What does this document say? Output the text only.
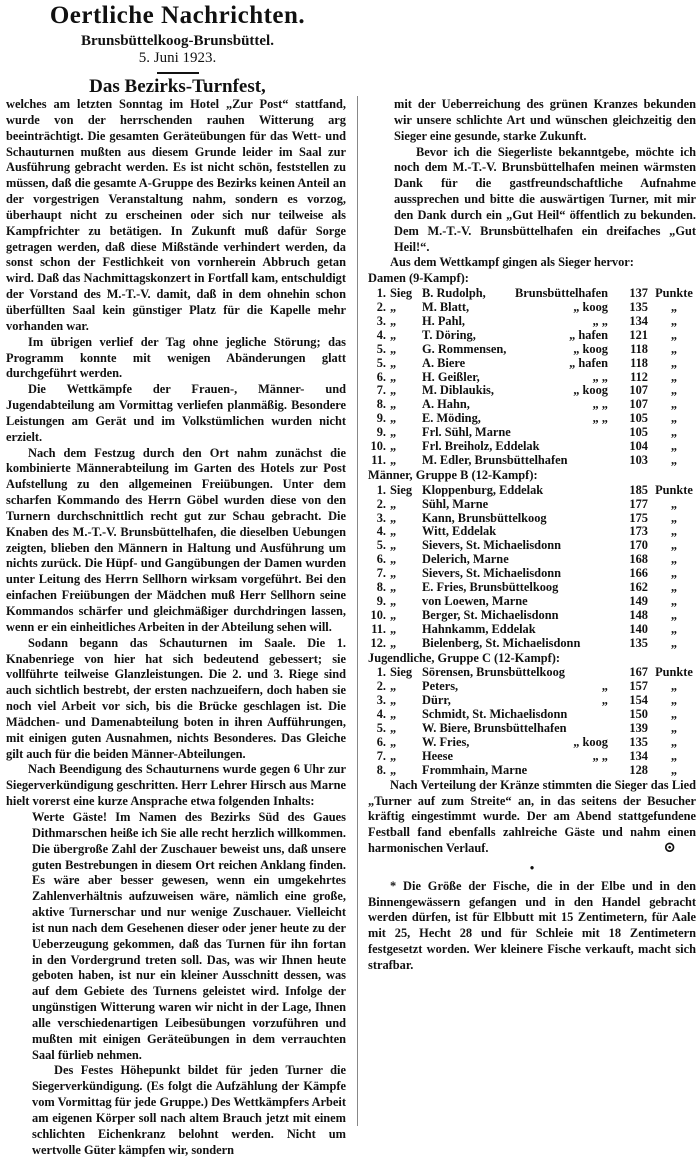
Oertliche Nachrichten.
Brunsbüttelkoog-Brunsbüttel.
5. Juni 1923.
Das Bezirks-Turnfest,

welches am letzten Sonntag im Hotel „Zur Post“ stattfand, wurde von der herrschenden rauhen Witterung arg beeinträchtigt. Die gesamten Geräteübungen für das Wett- und Schauturnen mußten aus diesem Grunde leider im Saal zur Ausführung gebracht werden. Es ist nicht schön, feststellen zu müssen, daß die gesamte A-Gruppe des Bezirks keinen Anteil an der vorgestrigen Veranstaltung nahm, sondern es vorzog, überhaupt nicht zu erscheinen oder sich nur teilweise als Kampfrichter zu betätigen. In Zukunft muß dafür Sorge getragen werden, daß diese Mißstände verhindert werden, da sonst schon der Festlichkeit von vornherein Abbruch getan wird. Daß das Nachmittagskonzert in Fortfall kam, entschuldigt der Vorstand des M.-T.-V. damit, daß in dem ohnehin schon überfüllten Saal kein günstiger Platz für die Kapelle mehr vorhanden war.

Im übrigen verlief der Tag ohne jegliche Störung; das Programm konnte mit wenigen Abänderungen glatt durchgeführt werden.

Die Wettkämpfe der Frauen-, Männer- und Jugendabteilung am Vormittag verliefen planmäßig. Besondere Leistungen am Gerät und im Volkstümlichen wurden nicht erzielt.

Nach dem Festzug durch den Ort nahm zunächst die kombinierte Männerabteilung im Garten des Hotels zur Post Aufstellung zu den allgemeinen Freiübungen. Unter dem scharfen Kommando des Herrn Göbel wurden diese von den Turnern durchschnittlich recht gut zur Schau gebracht. Die Knaben des M.-T.-V. Brunsbüttelhafen, die dieselben Uebungen zeigten, blieben den Männern in Haltung und Ausführung um nichts zurück. Die Hüpf- und Gangübungen der Damen wurden unter Leitung des Herrn Sellhorn wirksam vorgeführt. Bei den einfachen Freiübungen der Mädchen muß Herr Sellhorn seine Kommandos schärfer und gleichmäßiger durchdringen lassen, wenn er ein einheitliches Arbeiten in der Abteilung sehen will.

Sodann begann das Schauturnen im Saale. Die 1. Knabenriege von hier hat sich bedeutend gebessert; sie vollführte teilweise Glanzleistungen. Die 2. und 3. Riege sind auch sichtlich bestrebt, der ersten nachzueifern, doch haben sie noch viel Arbeit vor sich, bis die Brücke geschlagen ist. Die Mädchen- und Damenabteilung boten in ihren Aufführungen, mit einigen guten Ausnahmen, nichts Besonderes. Das Gleiche gilt auch für die beiden Männer-Abteilungen.

Nach Beendigung des Schauturnens wurde gegen 6 Uhr zur Siegerverkündigung geschritten. Herr Lehrer Hirsch aus Marne hielt vorerst eine kurze Ansprache etwa folgenden Inhalts:

Werte Gäste! Im Namen des Bezirks Süd des Gaues Dithmarschen heiße ich Sie alle recht herzlich willkommen. Die übergroße Zahl der Zuschauer beweist uns, daß unsere guten Bestrebungen in diesem Ort reichen Anklang finden. Es wäre aber besser gewesen, wenn ein umgekehrtes Zahlenverhältnis aufzuweisen wäre, nämlich eine große, aktive Turnerschar und nur wenige Zuschauer. Vielleicht ist nun nach dem Gesehenen dieser oder jener heute zu der Ueberzeugung gekommen, daß das Turnen für ihn fortan in den Vordergrund treten soll. Das, was wir Ihnen heute geboten haben, ist nur ein kleiner Ausschnitt dessen, was auf dem Gebiete des Turnens geleistet wird. Infolge der ungünstigen Witterung waren wir nicht in der Lage, Ihnen alle verschiedenartigen Leibesübungen vorzuführen und mußten mit einigen Geräteübungen in dem verrauchten Saal fürlieb nehmen.

Des Festes Höhepunkt bildet für jeden Turner die Siegerverkündigung. (Es folgt die Aufzählung der Kämpfe vom Vormittag für jede Gruppe.) Des Wettkämpfers Arbeit am eigenen Körper soll nach altem Brauch jetzt mit einem schlichten Eichenkranz belohnt werden. Nicht um wertvolle Güter kämpfen wir, sondern

mit der Ueberreichung des grünen Kranzes bekunden wir unsere schlichte Art und wünschen gleichzeitig den Sieger eine gesunde, starke Zukunft.

Bevor ich die Siegerliste bekanntgebe, möchte ich noch dem M.-T.-V. Brunsbüttelhafen meinen wärmsten Dank für die gastfreundschaftliche Aufnahme aussprechen und bitte die auswärtigen Turner, mit mir den Dank durch ein „Gut Heil“ öffentlich zu bekunden. Dem M.-T.-V. Brunsbüttelhafen ein dreifaches „Gut Heil!“.

Aus dem Wettkampf gingen als Sieger hervor:

Damen (9-Kampf):
1. Sieg B. Rudolph, Brunsbüttelhafen	137 Punkte
2. „	M. Blatt,	„ koog	135	„
3. „	H. Pahl,	„ „	134	„
4. „	T. Döring,	„ hafen	121	„
5. „	G. Rommensen,	„ koog	118	„
5. „	A. Biere	„ hafen	118	„
6. „	H. Geißler,	„ „	112	„
7. „	M. Diblaukis,	„ koog	107	„
8. „	A. Hahn,	„ „	107	„
9. „	E. Möding,	„ „	105	„
9. „	Frl. Sühl, Marne	105	„
10. „	Frl. Breiholz, Eddelak	104	„
11. „	M. Edler, Brunsbüttelhafen	103	„
Männer, Gruppe B (12-Kampf):
1. Sieg Kloppenburg, Eddelak	185 Punkte
2. „	Sühl, Marne	177	„
3. „	Kann, Brunsbüttelkoog	175	„
4. „	Witt, Eddelak	173	„
5. „	Sievers, St. Michaelisdonn	170	„
6. „	Delerich, Marne	168	„
7. „	Sievers, St. Michaelisdonn	166	„
8. „	E. Fries, Brunsbüttelkoog	162	„
9. „	von Loewen, Marne	149	„
10. „	Berger, St. Michaelisdonn	148	„
11. „	Hahnkamm, Eddelak	140	„
12. „	Bielenberg, St. Michaelisdonn	135	„
Jugendliche, Gruppe C (12-Kampf):
1. Sieg Sörensen, Brunsbüttelkoog	167 Punkte
2. „	Peters,	„	157	„
3. „	Dürr,	„	154	„
4. „	Schmidt, St. Michaelisdonn	150	„
5. „	W. Biere, Brunsbüttelhafen	139	„
6. „	W. Fries,	„ koog	135	„
7. „	Heese	„ „	134	„
8. „	Frommhain, Marne	128	„

Nach Verteilung der Kränze stimmten die Sieger das Lied „Turner auf zum Streite“ an, in das seitens der Besucher kräftig eingestimmt wurde. Der am Abend stattgefundene Festball fand ebenfalls zahlreiche Gäste und nahm einen harmonischen Verlauf.	⊙

•

* Die Größe der Fische, die in der Elbe und in den Binnengewässern gefangen und in den Handel gebracht werden dürfen, ist für Elbbutt mit 15 Zentimetern, für Aale mit 25, Hecht 28 und für Schleie mit 18 Zentimetern festgesetzt worden. Wer kleinere Fische verkauft, macht sich strafbar.
